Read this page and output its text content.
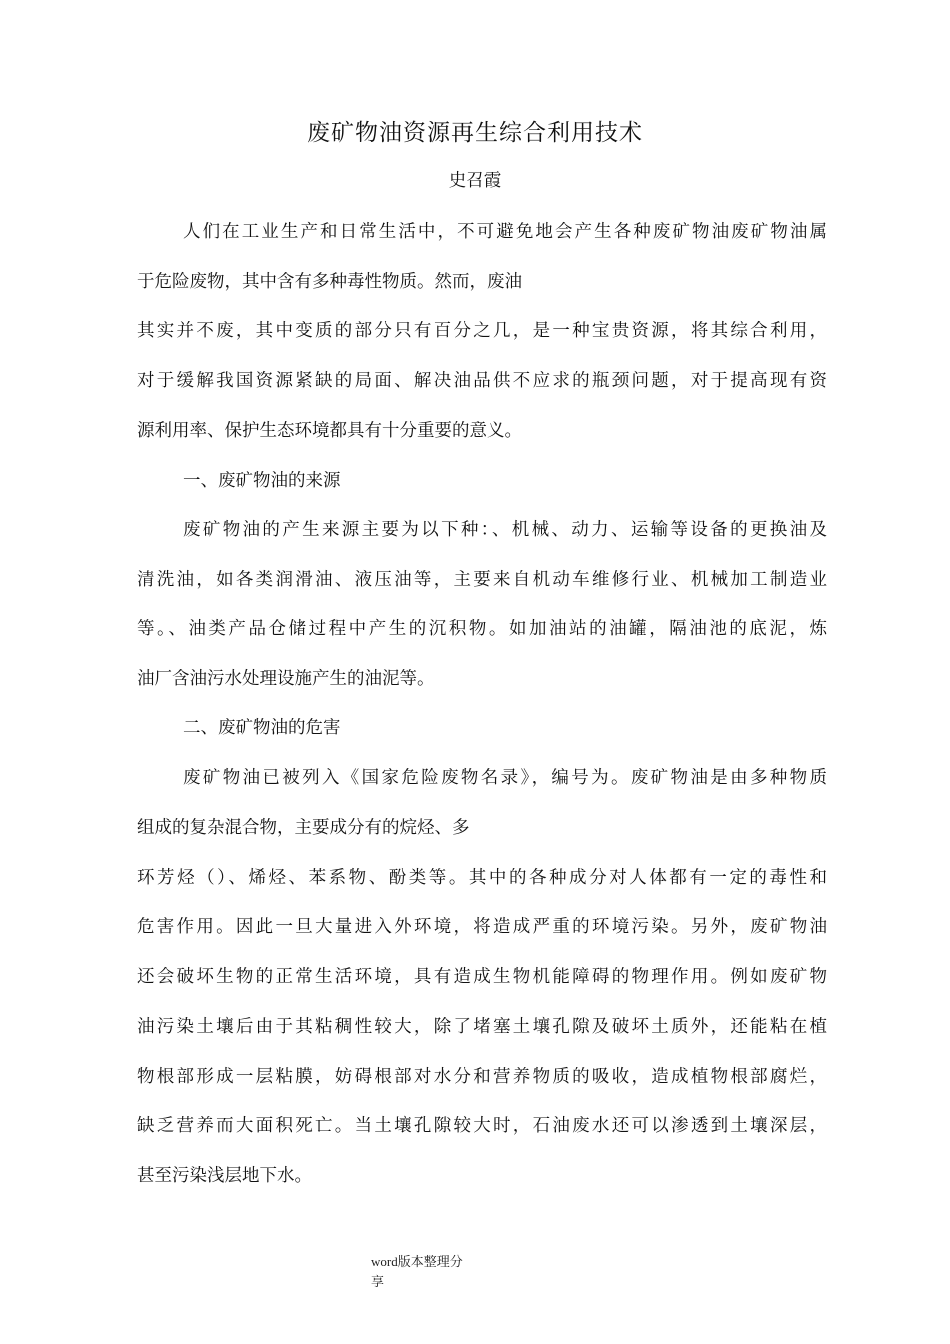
废矿物油资源再生综合利用技术
史召霞
人们在工业生产和日常生活中，不可避免地会产生各种废矿物油废矿物油属
于危险废物，其中含有多种毒性物质。然而，废油
其实并不废，其中变质的部分只有百分之几，是一种宝贵资源，将其综合利用，
对于缓解我国资源紧缺的局面、解决油品供不应求的瓶颈问题，对于提高现有资
源利用率、保护生态环境都具有十分重要的意义。
一、废矿物油的来源
废矿物油的产生来源主要为以下种：、机械、动力、运输等设备的更换油及
清洗油，如各类润滑油、液压油等，主要来自机动车维修行业、机械加工制造业
等。、油类产品仓储过程中产生的沉积物。如加油站的油罐，隔油池的底泥，炼
油厂含油污水处理设施产生的油泥等。
二、废矿物油的危害
废矿物油已被列入《国家危险废物名录》，编号为。废矿物油是由多种物质
组成的复杂混合物，主要成分有的烷烃、多
环芳烃（）、烯烃、苯系物、酚类等。其中的各种成分对人体都有一定的毒性和
危害作用。因此一旦大量进入外环境，将造成严重的环境污染。另外，废矿物油
还会破坏生物的正常生活环境，具有造成生物机能障碍的物理作用。例如废矿物
油污染土壤后由于其粘稠性较大，除了堵塞土壤孔隙及破坏土质外，还能粘在植
物根部形成一层粘膜，妨碍根部对水分和营养物质的吸收，造成植物根部腐烂，
缺乏营养而大面积死亡。当土壤孔隙较大时，石油废水还可以渗透到土壤深层，
甚至污染浅层地下水。
word版本整理分
享
